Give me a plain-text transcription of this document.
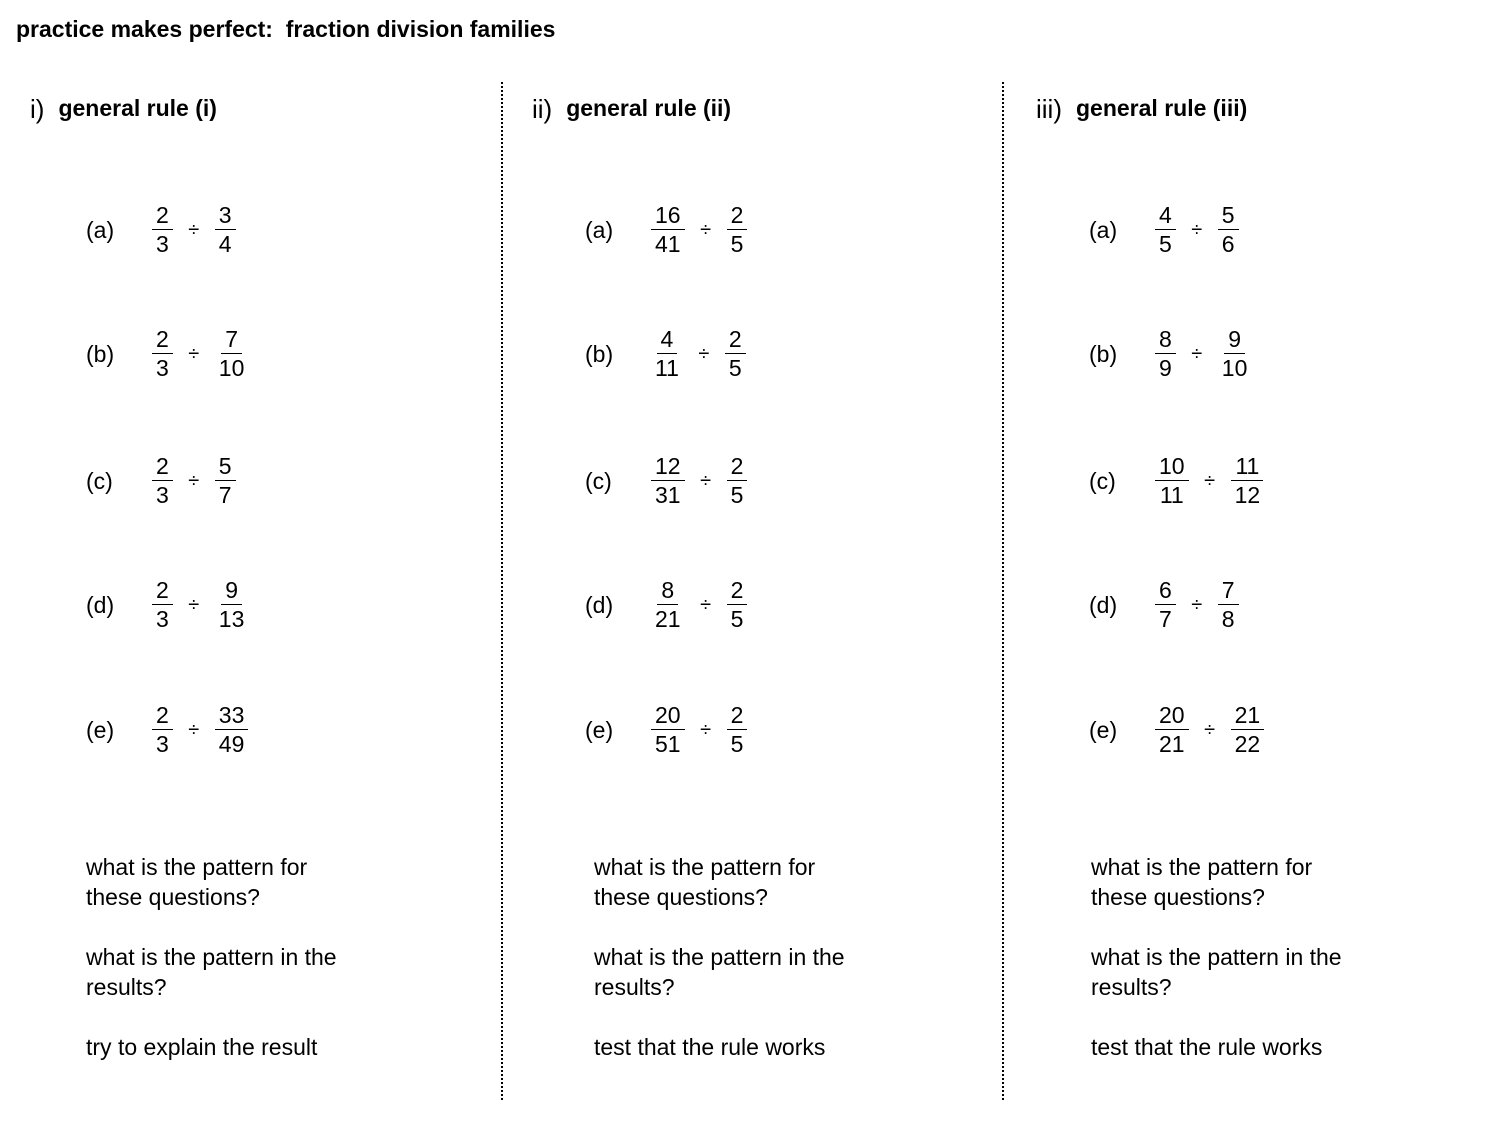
practice makes perfect:  fraction division families
i) general rule (i)
(a)	$\frac{2}{3} \div \frac{3}{4}$
(b)	$\frac{2}{3} \div \frac{7}{10}$
(c)	$\frac{2}{3} \div \frac{5}{7}$
(d)	$\frac{2}{3} \div \frac{9}{13}$
(e)	$\frac{2}{3} \div \frac{33}{49}$

what is the pattern for
these questions?

what is the pattern in the
results?

try to explain the result

ii) general rule (ii)
(a)	$\frac{16}{41} \div \frac{2}{5}$
(b)	$\frac{4}{11} \div \frac{2}{5}$
(c)	$\frac{12}{31} \div \frac{2}{5}$
(d)	$\frac{8}{21} \div \frac{2}{5}$
(e)	$\frac{20}{51} \div \frac{2}{5}$

what is the pattern for
these questions?

what is the pattern in the
results?

test that the rule works

iii) general rule (iii)
(a)	$\frac{4}{5} \div \frac{5}{6}$
(b)	$\frac{8}{9} \div \frac{9}{10}$
(c)	$\frac{10}{11} \div \frac{11}{12}$
(d)	$\frac{6}{7} \div \frac{7}{8}$
(e)	$\frac{20}{21} \div \frac{21}{22}$

what is the pattern for
these questions?

what is the pattern in the
results?

test that the rule works
